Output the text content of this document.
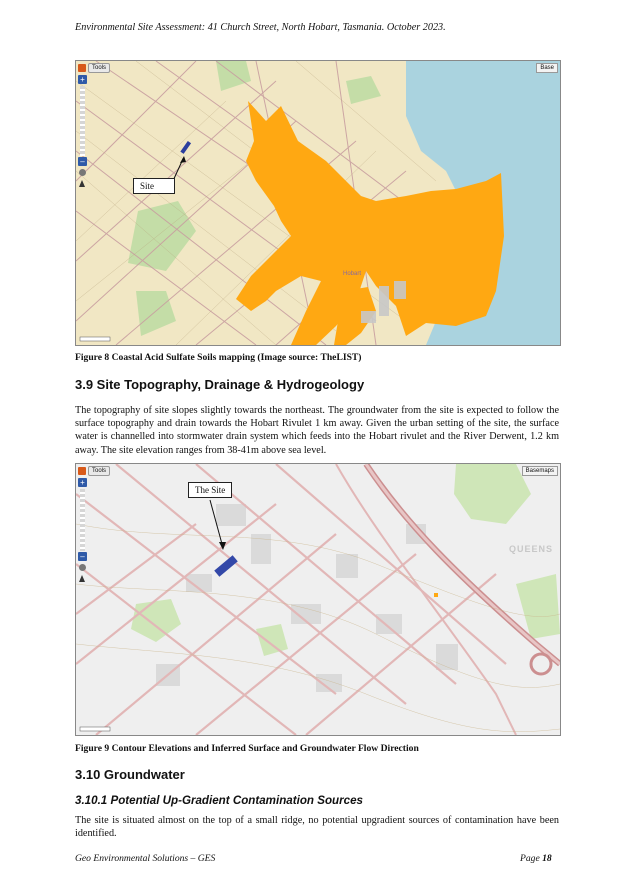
Environmental Site Assessment: 41 Church Street, North Hobart, Tasmania. October 2023.
Tools	Base
+
–
Site
Hobart
Figure 8 Coastal Acid Sulfate Soils mapping (Image source: TheLIST)
3.9 Site Topography, Drainage & Hydrogeology
The topography of site slopes slightly towards the northeast. The groundwater from the site is expected to follow the surface topography and drain towards the Hobart Rivulet 1 km away. Given the urban setting of the site, the surface water is channelled into stormwater drain system which feeds into the Hobart rivulet and the River Derwent, 1.2 km away. The site elevation ranges from 38-41m above sea level.
Tools	Basemaps
+
–
The Site
QUEENS
Figure 9 Contour Elevations and Inferred Surface and Groundwater Flow Direction
3.10 Groundwater
3.10.1 Potential Up-Gradient Contamination Sources
The site is situated almost on the top of a small ridge, no potential upgradient sources of contamination have been identified.
Geo Environmental Solutions – GES	Page 18
